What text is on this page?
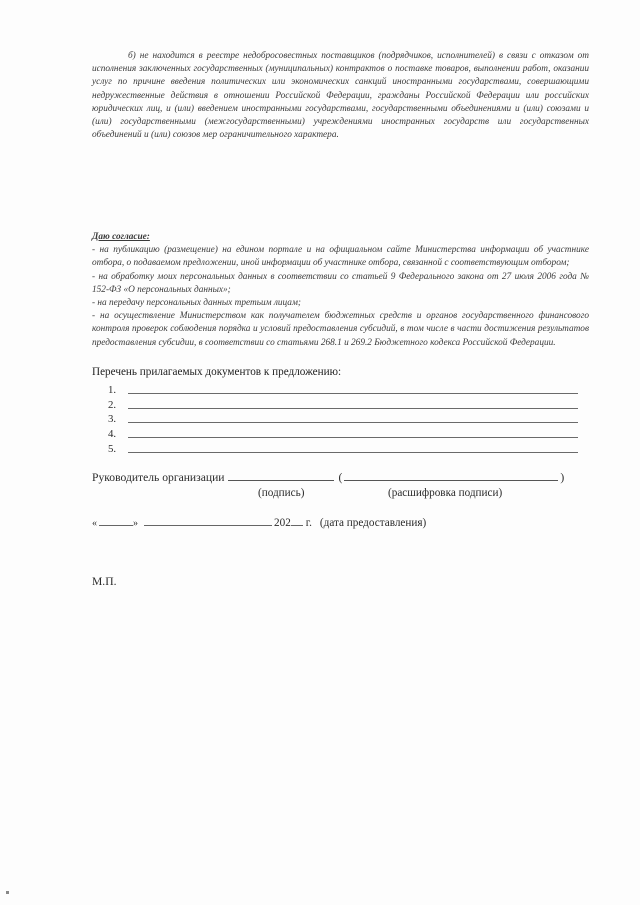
б) не находится в реестре недобросовестных поставщиков (подрядчиков, исполнителей) в связи с отказом от исполнения заключенных государственных (муниципальных) контрактов о поставке товаров, выполнении работ, оказании услуг по причине введения политических или экономических санкций иностранными государствами, совершающими недружественные действия в отношении Российской Федерации, гражданы Российской Федерации или российских юридических лиц, и (или) введением иностранными государствами, государственными объединениями и (или) союзами и (или) государственными (межгосударственными) учреждениями иностранных государств или государственных объединений и (или) союзов мер ограничительного характера.

Даю согласие:

- на публикацию (размещение) на едином портале и на официальном сайте Министерства информации об участнике отбора, о подаваемом предложении, иной информации об участнике отбора, связанной с соответствующим отбором;

- на обработку моих персональных данных в соответствии со статьей 9 Федерального закона от 27 июля 2006 года № 152-ФЗ «О персональных данных»;

- на передачу персональных данных третьим лицам;

- на осуществление Министерством как получателем бюджетных средств и органов государственного финансового контроля проверок соблюдения порядка и условий предоставления субсидий, в том числе в части достижения результатов предоставления субсидии, в соответствии со статьями 268.1 и 269.2 Бюджетного кодекса Российской Федерации.

Перечень прилагаемых документов к предложению:
1.
2.
3.
4.
5.
Руководитель организации	(	)
(подпись)	(расшифровка подписи)
«	»	202 г. (дата предоставления)
М.П.
